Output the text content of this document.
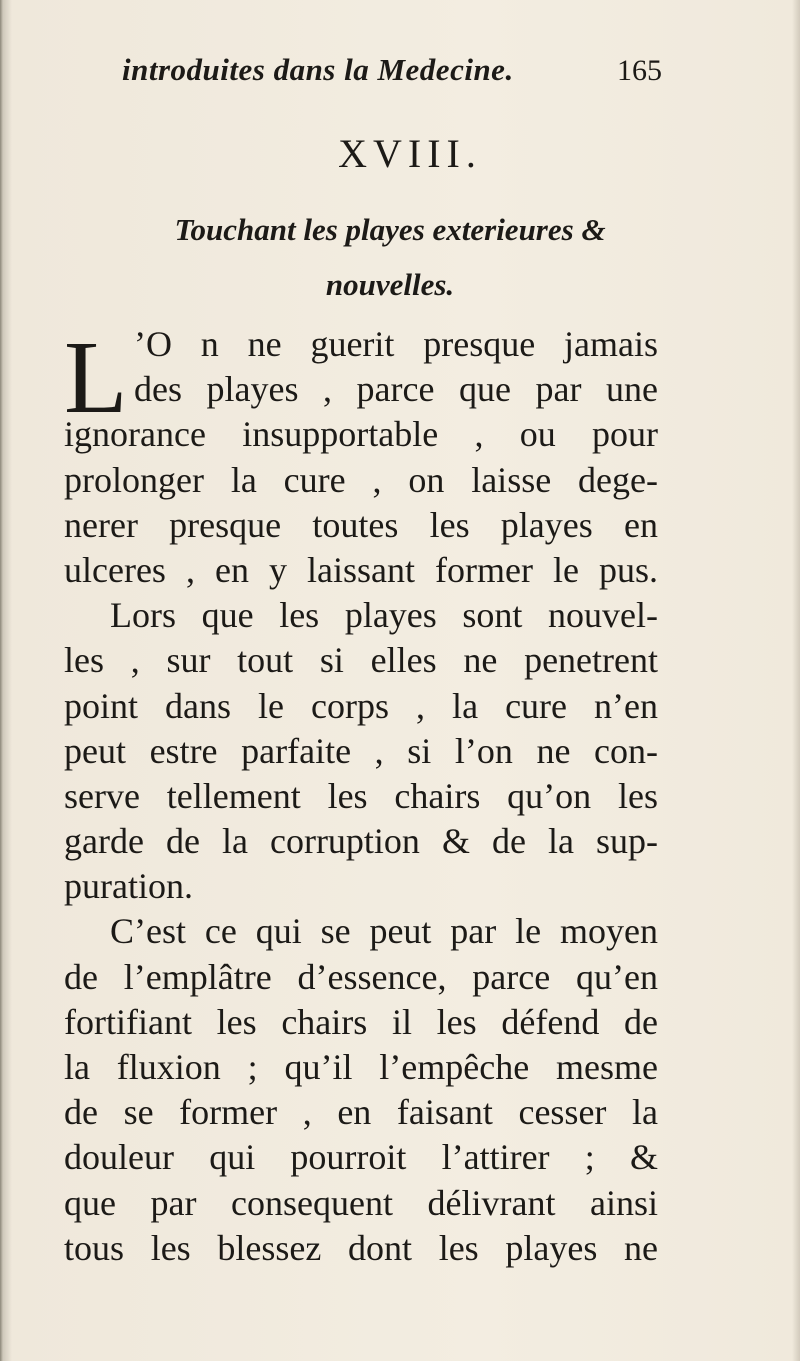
introduites dans la Medecine.	165
XVIII.
Touchant les playes exterieures &
nouvelles.
L ’O n ne guerit presque jamais
des playes , parce que par une
ignorance insupportable , ou pour
prolonger la cure , on laisse dege-
nerer presque toutes les playes en
ulceres , en y laissant former le pus.
Lors que les playes sont nouvel-
les , sur tout si elles ne penetrent
point dans le corps , la cure n’en
peut estre parfaite , si l’on ne con-
serve tellement les chairs qu’on les
garde de la corruption & de la sup-
puration.
C’est ce qui se peut par le moyen
de l’emplâtre d’essence, parce qu’en
fortifiant les chairs il les défend de
la fluxion ; qu’il l’empêche mesme
de se former , en faisant cesser la
douleur qui pourroit l’attirer ; &
que par consequent délivrant ainsi
tous les blessez dont les playes ne
